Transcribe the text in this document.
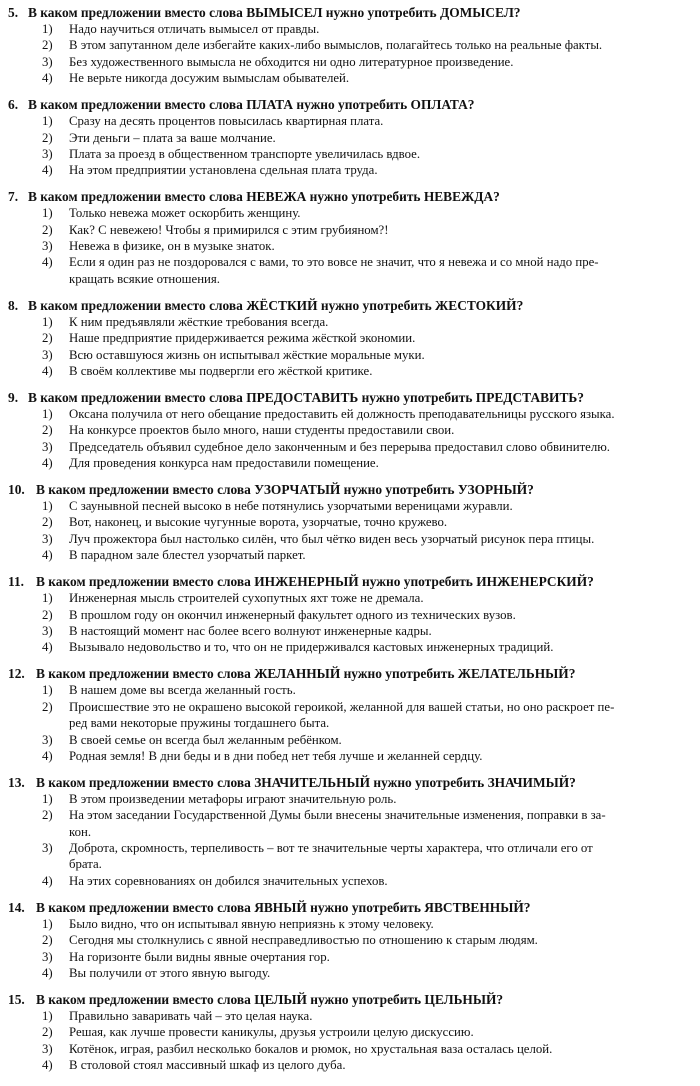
5. В каком предложении вместо слова ВЫМЫСЕЛ нужно употребить ДОМЫСЕЛ?
1)	Надо научиться отличать вымысел от правды.
2)	В этом запутанном деле избегайте каких-либо вымыслов, полагайтесь только на реальные факты.
3)	Без художественного вымысла не обходится ни одно литературное произведение.
4)	Не верьте никогда досужим вымыслам обывателей.
6. В каком предложении вместо слова ПЛАТА нужно употребить ОПЛАТА?
1)	Сразу на десять процентов повысилась квартирная плата.
2)	Эти деньги – плата за ваше молчание.
3)	Плата за проезд в общественном транспорте увеличилась вдвое.
4)	На этом предприятии установлена сдельная плата труда.
7. В каком предложении вместо слова НЕВЕЖА нужно употребить НЕВЕЖДА?
1)	Только невежа может оскорбить женщину.
2)	Как? С невежею! Чтобы я примирился с этим грубияном?!
3)	Невежа в физике, он в музыке знаток.
4)	Если я один раз не поздоровался с вами, то это вовсе не значит, что я невежа и со мной надо пре-
кращать всякие отношения.
8. В каком предложении вместо слова ЖЁСТКИЙ нужно употребить ЖЕСТОКИЙ?
1)	К ним предъявляли жёсткие требования всегда.
2)	Наше предприятие придерживается режима жёсткой экономии.
3)	Всю оставшуюся жизнь он испытывал жёсткие моральные муки.
4)	В своём коллективе мы подвергли его жёсткой критике.
9. В каком предложении вместо слова ПРЕДОСТАВИТЬ нужно употребить ПРЕДСТАВИТЬ?
1)	Оксана получила от него обещание предоставить ей должность преподавательницы русского языка.
2)	На конкурсе проектов было много, наши студенты предоставили свои.
3)	Председатель объявил судебное дело законченным и без перерыва предоставил слово обвинителю.
4)	Для проведения конкурса нам предоставили помещение.
10. В каком предложении вместо слова УЗОРЧАТЫЙ нужно употребить УЗОРНЫЙ?
1)	С заунывной песней высоко в небе потянулись узорчатыми вереницами журавли.
2)	Вот, наконец, и высокие чугунные ворота, узорчатые, точно кружево.
3)	Луч прожектора был настолько силён, что был чётко виден весь узорчатый рисунок пера птицы.
4)	В парадном зале блестел узорчатый паркет.
11. В каком предложении вместо слова ИНЖЕНЕРНЫЙ нужно употребить ИНЖЕНЕРСКИЙ?
1)	Инженерная мысль строителей сухопутных яхт тоже не дремала.
2)	В прошлом году он окончил инженерный факультет одного из технических вузов.
3)	В настоящий момент нас более всего волнуют инженерные кадры.
4)	Вызывало недовольство и то, что он не придерживался кастовых инженерных традиций.
12. В каком предложении вместо слова ЖЕЛАННЫЙ нужно употребить ЖЕЛАТЕЛЬНЫЙ?
1)	В нашем доме вы всегда желанный гость.
2)	Происшествие это не окрашено высокой героикой, желанной для вашей статьи, но оно раскроет пе-
ред вами некоторые пружины тогдашнего быта.
3)	В своей семье он всегда был желанным ребёнком.
4)	Родная земля! В дни беды и в дни побед нет тебя лучше и желанней сердцу.
13. В каком предложении вместо слова ЗНАЧИТЕЛЬНЫЙ нужно употребить ЗНАЧИМЫЙ?
1)	В этом произведении метафоры играют значительную роль.
2)	На этом заседании Государственной Думы были внесены значительные изменения, поправки в за-
кон.
3)	Доброта, скромность, терпеливость – вот те значительные черты характера, что отличали его от
брата.
4)	На этих соревнованиях он добился значительных успехов.
14. В каком предложении вместо слова ЯВНЫЙ нужно употребить ЯВСТВЕННЫЙ?
1)	Было видно, что он испытывал явную неприязнь к этому человеку.
2)	Сегодня мы столкнулись с явной несправедливостью по отношению к старым людям.
3)	На горизонте были видны явные очертания гор.
4)	Вы получили от этого явную выгоду.
15. В каком предложении вместо слова ЦЕЛЫЙ нужно употребить ЦЕЛЬНЫЙ?
1)	Правильно заваривать чай – это целая наука.
2)	Решая, как лучше провести каникулы, друзья устроили целую дискуссию.
3)	Котёнок, играя, разбил несколько бокалов и рюмок, но хрустальная ваза осталась целой.
4)	В столовой стоял массивный шкаф из целого дуба.
